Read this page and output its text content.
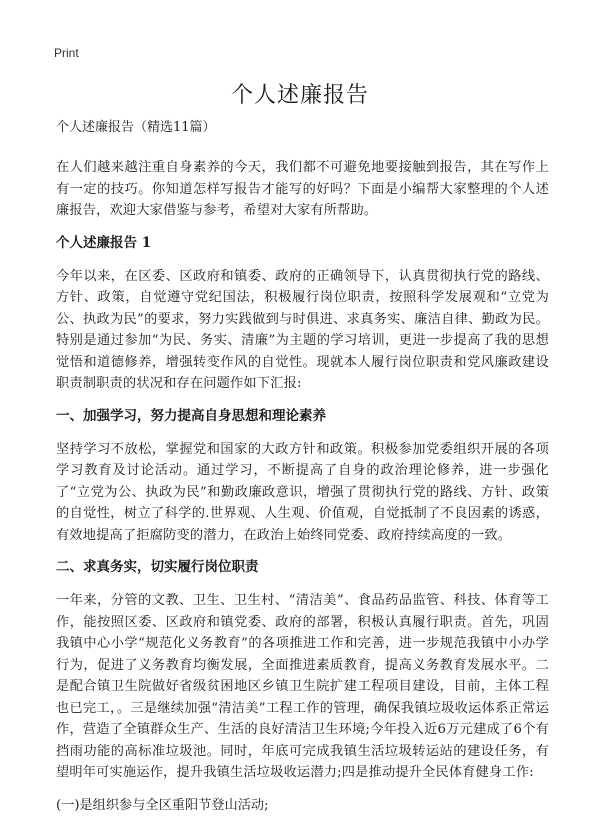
Print
个人述廉报告
个人述廉报告（精选11篇）

在人们越来越注重自身素养的今天，我们都不可避免地要接触到报告，其在写作上有一定的技巧。你知道怎样写报告才能写的好吗？下面是小编帮大家整理的个人述廉报告，欢迎大家借鉴与参考，希望对大家有所帮助。

个人述廉报告 1

今年以来，在区委、区政府和镇委、政府的正确领导下，认真贯彻执行党的路线、方针、政策，自觉遵守党纪国法，积极履行岗位职责，按照科学发展观和“立党为公、执政为民”的要求，努力实践做到与时俱进、求真务实、廉洁自律、勤政为民。特别是通过参加“为民、务实、清廉”为主题的学习培训，更进一步提高了我的思想觉悟和道德修养，增强转变作风的自觉性。现就本人履行岗位职责和党风廉政建设职责制职责的状况和存在问题作如下汇报:

一、加强学习，努力提高自身思想和理论素养

坚持学习不放松，掌握党和国家的大政方针和政策。积极参加党委组织开展的各项学习教育及讨论活动。通过学习，不断提高了自身的政治理论修养，进一步强化了“立党为公、执政为民”和勤政廉政意识，增强了贯彻执行党的路线、方针、政策的自觉性，树立了科学的.世界观、人生观、价值观，自觉抵制了不良因素的诱惑，有效地提高了拒腐防变的潜力，在政治上始终同党委、政府持续高度的一致。

二、求真务实，切实履行岗位职责

一年来，分管的文教、卫生、卫生村、“清洁美”、食品药品监管、科技、体育等工作，能按照区委、区政府和镇党委、政府的部署，积极认真履行职责。首先，巩固我镇中心小学“规范化义务教育”的各项推进工作和完善，进一步规范我镇中小办学行为，促进了义务教育均衡发展，全面推进素质教育，提高义务教育发展水平。二是配合镇卫生院做好省级贫困地区乡镇卫生院扩建工程项目建设，目前，主体工程也已完工，。三是继续加强“清洁美”工程工作的管理，确保我镇垃圾收运体系正常运作，营造了全镇群众生产、生活的良好清洁卫生环境;今年投入近6万元建成了6个有挡雨功能的高标准垃圾池。同时，年底可完成我镇生活垃圾转运站的建设任务，有望明年可实施运作，提升我镇生活垃圾收运潜力;四是推动提升全民体育健身工作:

(一)是组织参与全区重阳节登山活动;
